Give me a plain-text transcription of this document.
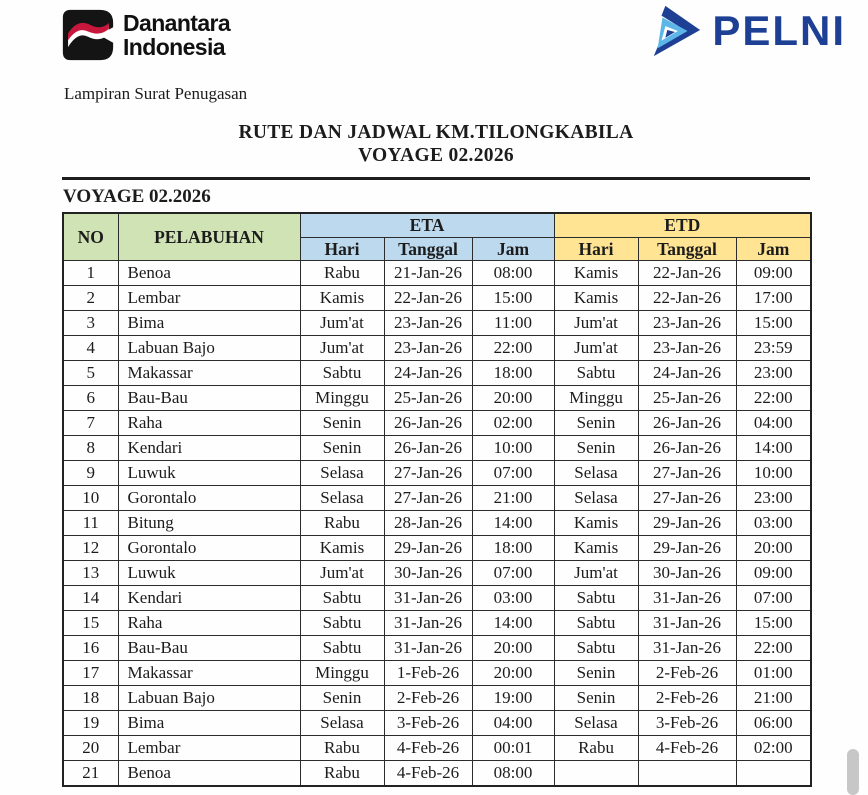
Danantara
Indonesia	PELNI
Lampiran Surat Penugasan
RUTE DAN JADWAL KM.TILONGKABILA
VOYAGE 02.2026
VOYAGE 02.2026
NO	PELABUHAN	ETA			ETD		
		Hari	Tanggal	Jam	Hari	Tanggal	Jam
1	Benoa	Rabu	21-Jan-26	08:00	Kamis	22-Jan-26	09:00
2	Lembar	Kamis	22-Jan-26	15:00	Kamis	22-Jan-26	17:00
3	Bima	Jum'at	23-Jan-26	11:00	Jum'at	23-Jan-26	15:00
4	Labuan Bajo	Jum'at	23-Jan-26	22:00	Jum'at	23-Jan-26	23:59
5	Makassar	Sabtu	24-Jan-26	18:00	Sabtu	24-Jan-26	23:00
6	Bau-Bau	Minggu	25-Jan-26	20:00	Minggu	25-Jan-26	22:00
7	Raha	Senin	26-Jan-26	02:00	Senin	26-Jan-26	04:00
8	Kendari	Senin	26-Jan-26	10:00	Senin	26-Jan-26	14:00
9	Luwuk	Selasa	27-Jan-26	07:00	Selasa	27-Jan-26	10:00
10	Gorontalo	Selasa	27-Jan-26	21:00	Selasa	27-Jan-26	23:00
11	Bitung	Rabu	28-Jan-26	14:00	Kamis	29-Jan-26	03:00
12	Gorontalo	Kamis	29-Jan-26	18:00	Kamis	29-Jan-26	20:00
13	Luwuk	Jum'at	30-Jan-26	07:00	Jum'at	30-Jan-26	09:00
14	Kendari	Sabtu	31-Jan-26	03:00	Sabtu	31-Jan-26	07:00
15	Raha	Sabtu	31-Jan-26	14:00	Sabtu	31-Jan-26	15:00
16	Bau-Bau	Sabtu	31-Jan-26	20:00	Sabtu	31-Jan-26	22:00
17	Makassar	Minggu	1-Feb-26	20:00	Senin	2-Feb-26	01:00
18	Labuan Bajo	Senin	2-Feb-26	19:00	Senin	2-Feb-26	21:00
19	Bima	Selasa	3-Feb-26	04:00	Selasa	3-Feb-26	06:00
20	Lembar	Rabu	4-Feb-26	00:01	Rabu	4-Feb-26	02:00
21	Benoa	Rabu	4-Feb-26	08:00			
